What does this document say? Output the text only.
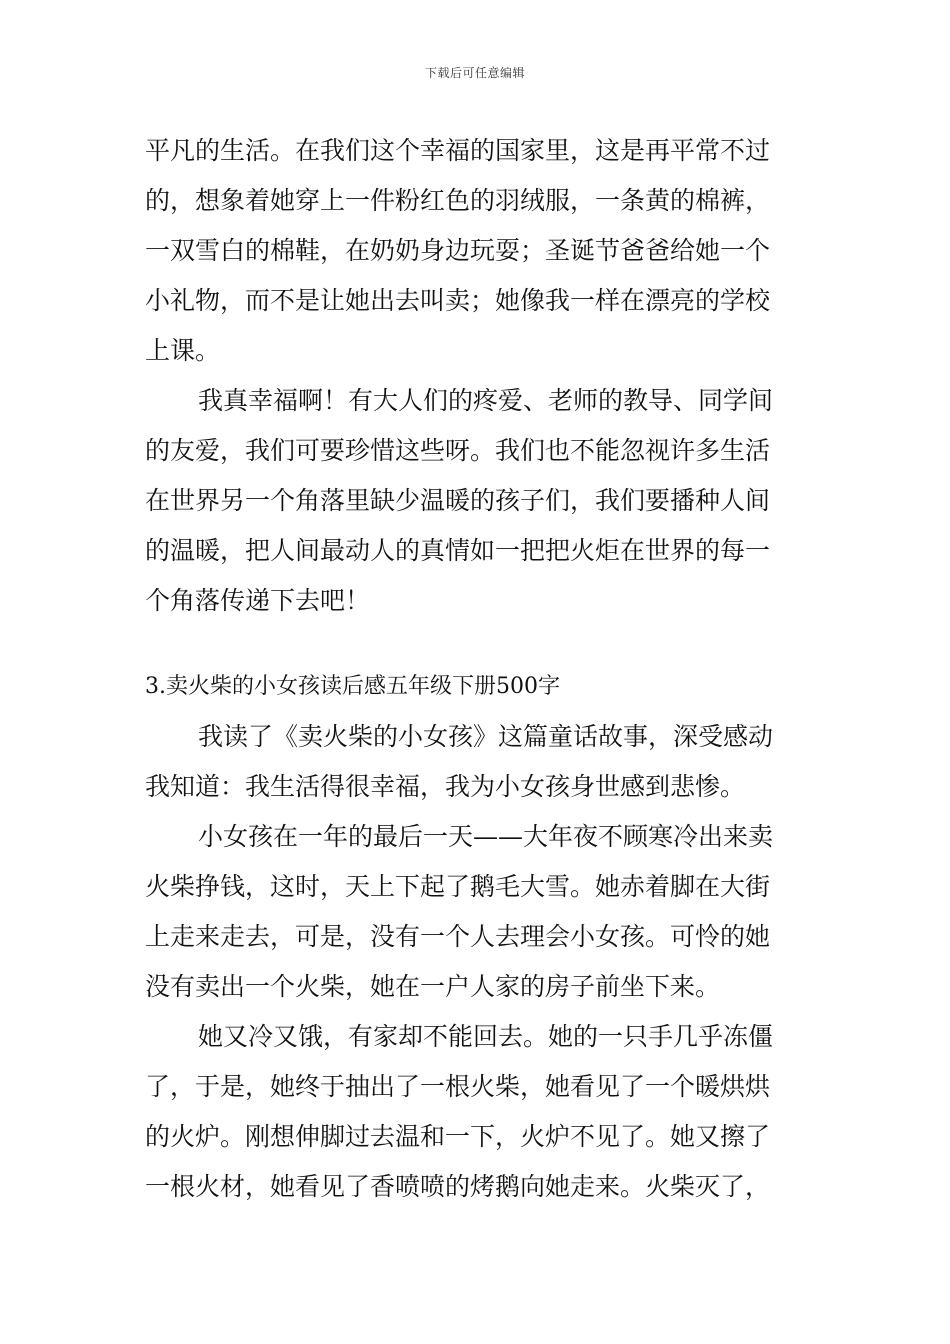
下载后可任意编辑
平凡的生活。在我们这个幸福的国家里，这是再平常不过
的，想象着她穿上一件粉红色的羽绒服，一条黄的棉裤，
一双雪白的棉鞋，在奶奶身边玩耍；圣诞节爸爸给她一个
小礼物，而不是让她出去叫卖；她像我一样在漂亮的学校
上课。
我真幸福啊！有大人们的疼爱、老师的教导、同学间
的友爱，我们可要珍惜这些呀。我们也不能忽视许多生活
在世界另一个角落里缺少温暖的孩子们，我们要播种人间
的温暖，把人间最动人的真情如一把把火炬在世界的每一
个角落传递下去吧！
3.卖火柴的小女孩读后感五年级下册500字
我读了《卖火柴的小女孩》这篇童话故事，深受感动
我知道：我生活得很幸福，我为小女孩身世感到悲惨。
小女孩在一年的最后一天——大年夜不顾寒冷出来卖
火柴挣钱，这时，天上下起了鹅毛大雪。她赤着脚在大街
上走来走去，可是，没有一个人去理会小女孩。可怜的她
没有卖出一个火柴，她在一户人家的房子前坐下来。
她又冷又饿，有家却不能回去。她的一只手几乎冻僵
了，于是，她终于抽出了一根火柴，她看见了一个暖烘烘
的火炉。刚想伸脚过去温和一下，火炉不见了。她又擦了
一根火材，她看见了香喷喷的烤鹅向她走来。火柴灭了，
